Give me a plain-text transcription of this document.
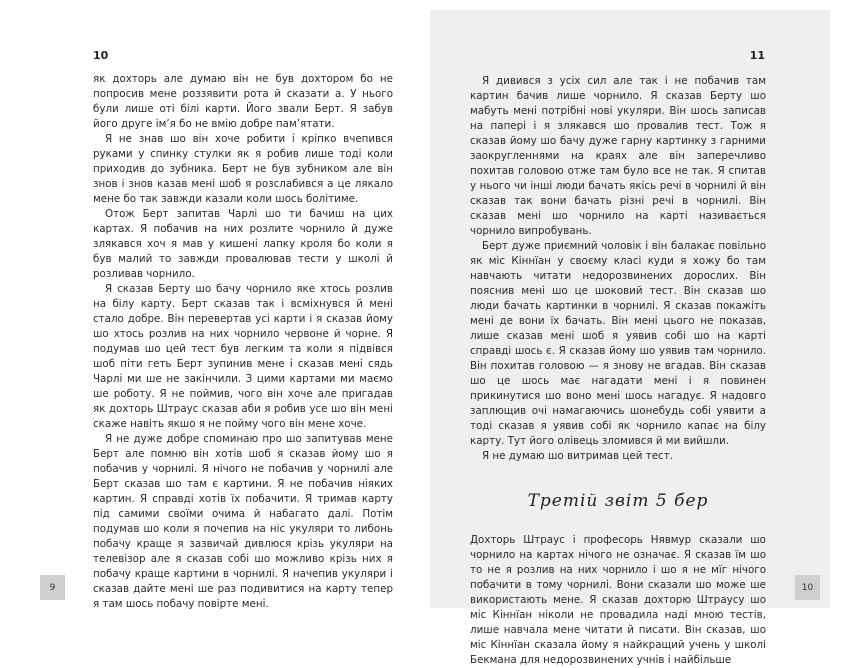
10

як дохторь але думаю він не був дохтором бо не попросив мене роззявити рота й сказати а. У нього були лише оті білі карти. Його звали Берт. Я забув його друге імʼя бо не вмію добре памʼятати.

Я не знав шо він хоче робити і кріпко вчепився руками у спинку стулки як я робив лише тоді коли приходив до зубника. Берт не був зубником але він знов і знов казав мені шоб я розслабився а це лякало мене бо так завжди казали коли шось болітиме.

Отож Берт запитав Чарлі шо ти бачиш на цих картах. Я побачив на них розлите чорнило й дуже злякався хоч я мав у кишені лапку кроля бо коли я був малий то завжди провалював тести у школі й розливав чорнило.

Я сказав Берту шо бачу чорнило яке хтось розлив на білу карту. Берт сказав так і всміхнувся й мені стало добре. Він перевертав усі карти і я сказав йому шо хтось розлив на них чорнило червоне й чорне. Я подумав шо цей тест був легким та коли я підвівся шоб піти геть Берт зупинив мене і сказав мені сядь Чарлі ми ше не закінчили. З цими картами ми маємо ше роботу. Я не поймив, чого він хоче але пригадав як дохторь Штраус сказав аби я робив усе шо він мені скаже навіть якшо я не пойму чого він мене хоче.

Я не дуже добре споминаю про шо запитував мене Берт але помню він хотів шоб я сказав йому шо я побачив у чорнилі. Я нічого не побачив у чорнилі але Берт сказав шо там є картини. Я не побачив ніяких картин. Я справді хотів їх побачити. Я тримав карту під самими своїми очима й набагато далі. Потім подумав шо коли я почепив на ніс укуляри то либонь побачу краще я зазвичай дивлюся крізь укуляри на телевізор але я сказав собі шо можливо крізь них я побачу краще картини в чорнилі. Я начепив укуляри і сказав дайте мені ше раз подивитися на карту тепер я там шось побачу повірте мені.

11

Я дивився з усіх сил але так і не побачив там картин бачив лише чорнило. Я сказав Берту шо мабуть мені потрібні нові укуляри. Він шось записав на папері і я злякався шо провалив тест. Тож я сказав йому шо бачу дуже гарну картинку з гарними заокругленнями на краях але він заперечливо похитав головою отже там було все не так. Я спитав у нього чи інші люди бачать якісь речі в чорнилі й він сказав так вони бачать різні речі в чорнилі. Він сказав мені шо чорнило на карті називається чорнило випробувань.

Берт дуже приємний чоловік і він балакає повільно як міс Кіннїан у своєму класі куди я хожу бо там навчають читати недорозвинених дорослих. Він пояснив мені шо це шоковий тест. Він сказав шо люди бачать картинки в чорнилі. Я сказав покажіть мені де вони їх бачать. Він мені цього не показав, лише сказав мені шоб я уявив собі шо на карті справді шось є. Я сказав йому шо уявив там чорнило. Він похитав головою — я знову не вгадав. Він сказав шо це шось має нагадати мені і я повинен прикинутися шо воно мені шось нагадує. Я надовго заплющив очі намагаючись шонебудь собі уявити а тоді сказав я уявив собі як чорнило капає на білу карту. Тут його олівець зломився й ми вийшли.

Я не думаю шо витримав цей тест.

Третій звіт 5 бер

Дохторь Штраус і професорь Нявмур сказали шо чорнило на картах нічого не означає. Я сказав їм шо то не я розлив на них чорнило і шо я не мїг нічого побачити в тому чорнилі. Вони сказали шо може ше використають мене. Я сказав дохторю Штраусу шо міс Кіннїан ніколи не провадила наді мною тестів, лише навчала мене читати й писати. Він сказав, шо міс Кіннїан сказала йому я найкращий учень у школі Бекмана для недорозвинених учнів і найбільше

9	10
